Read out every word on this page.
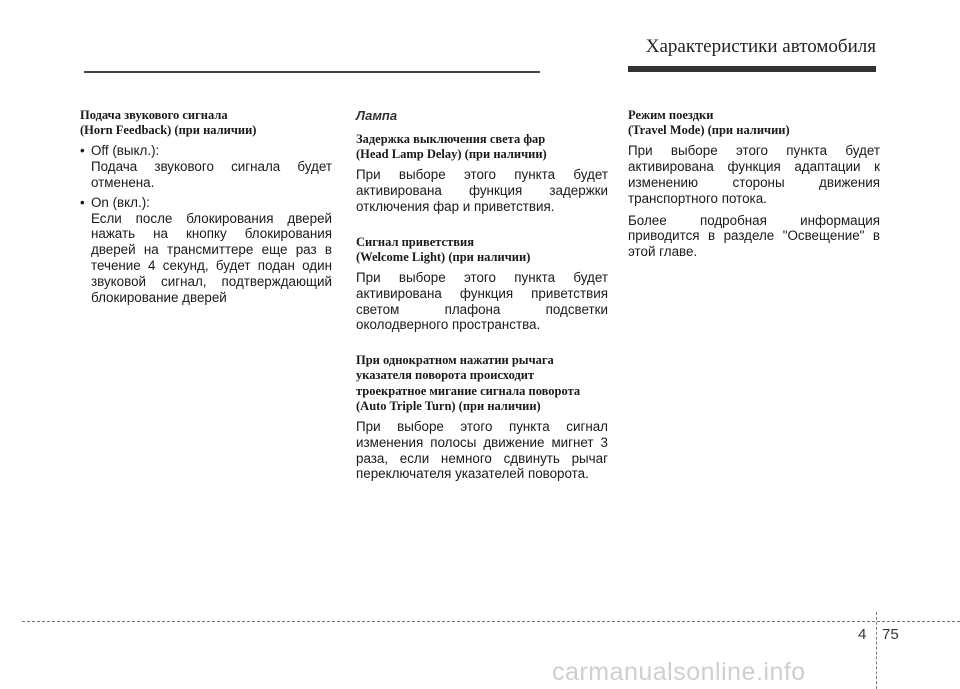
Характеристики автомобиля
Подача звукового сигнала
(Horn Feedback) (при наличии)
• Off (выкл.):
Подача звукового сигнала будет отменена.
• On (вкл.):
Если после блокирования дверей нажать на кнопку блокирования дверей на трансмиттере еще раз в течение 4 секунд, будет подан один звуковой сигнал, подтверждающий блокирование дверей
Лампа
Задержка выключения света фар
(Head Lamp Delay) (при наличии)
При выборе этого пункта будет активирована функция задержки отключения фар и приветствия.
Сигнал приветствия
(Welcome Light) (при наличии)
При выборе этого пункта будет активирована функция приветствия светом плафона подсветки околодверного пространства.
При однократном нажатии рычага
указателя поворота происходит
троекратное мигание сигнала поворота
(Auto Triple Turn) (при наличии)
При выборе этого пункта сигнал изменения полосы движение мигнет 3 раза, если немного сдвинуть рычаг переключателя указателей поворота.
Режим поездки
(Travel Mode) (при наличии)
При выборе этого пункта будет активирована функция адаптации к изменению стороны движения транспортного потока.
Более подробная информация приводится в разделе "Освещение" в этой главе.
4 75
carmanualsonline.info
